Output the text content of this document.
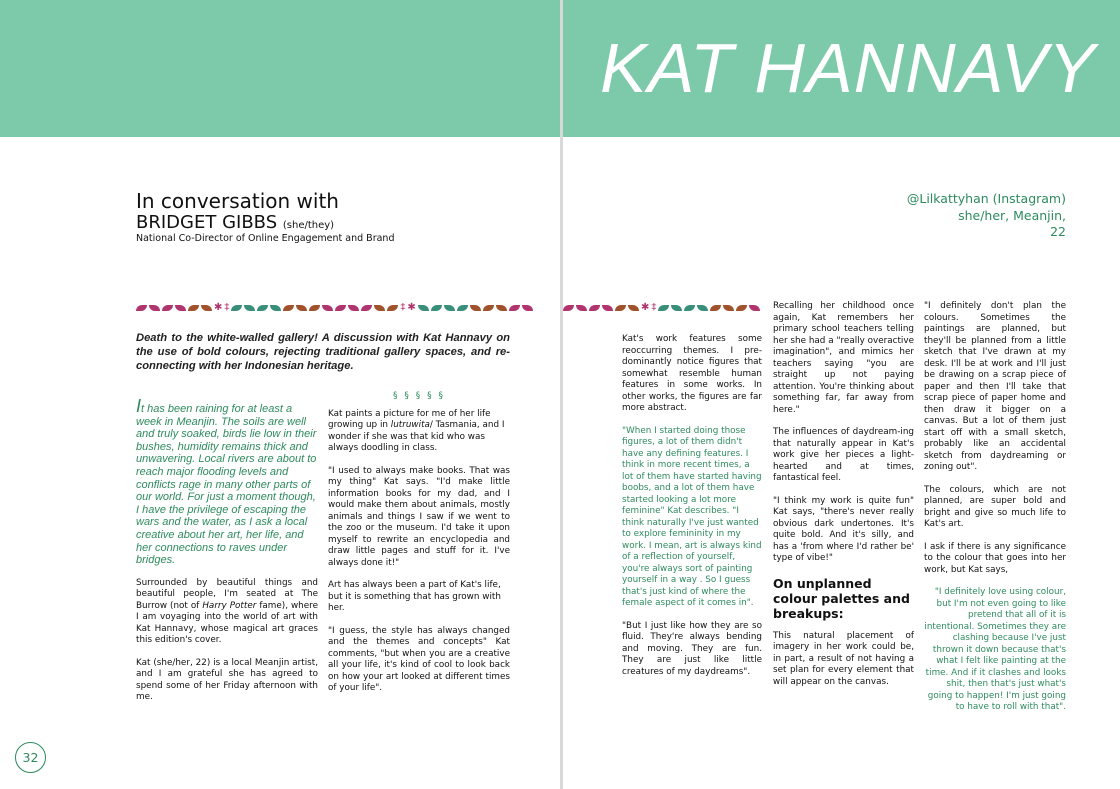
KAT HANNAVY
In conversation with
BRIDGET GIBBS (she/they)
National Co-Director of Online Engagement and Brand
@Lilkattyhan (Instagram)
she/her, Meanjin,
22
✱ ‡	‡ ✱	✱ ‡
Death to the white-walled gallery! A discussion with Kat Hannavy on the use of bold colours, rejecting traditional gallery spaces, and re-connecting with her Indonesian heritage.

It has been raining for at least a week in Meanjin. The soils are well and truly soaked, birds lie low in their bushes, humidity remains thick and unwavering. Local rivers are about to reach major flooding levels and conflicts rage in many other parts of our world. For just a moment though, I have the privilege of escaping the wars and the water, as I ask a local creative about her art, her life, and her connections to raves under bridges.

Surrounded by beautiful things and beautiful people, I'm seated at The Burrow (not of Harry Potter fame), where I am voyaging into the world of art with Kat Hannavy, whose magical art graces this edition's cover.

Kat (she/her, 22) is a local Meanjin artist, and I am grateful she has agreed to spend some of her Friday afternoon with me.

§ § § § §

Kat paints a picture for me of her life growing up in lutruwita/ Tasmania, and I wonder if she was that kid who was always doodling in class.

"I used to always make books. That was my thing" Kat says. "I'd make little information books for my dad, and I would make them about animals, mostly animals and things I saw if we went to the zoo or the museum. I'd take it upon myself to rewrite an encyclopedia and draw little pages and stuff for it. I've always done it!"

Art has always been a part of Kat's life, but it is something that has grown with her.

"I guess, the style has always changed and the themes and concepts" Kat comments, "but when you are a creative all your life, it's kind of cool to look back on how your art looked at different times of your life".

Kat's work features some reoccurring themes. I pre-dominantly notice figures that somewhat resemble human features in some works. In other works, the figures are far more abstract.

"When I started doing those figures, a lot of them didn't have any defining features. I think in more recent times, a lot of them have started having boobs, and a lot of them have started looking a lot more feminine" Kat describes. "I think naturally I've just wanted to explore femininity in my work. I mean, art is always kind of a reflection of yourself, you're always sort of painting yourself in a way . So I guess that's just kind of where the female aspect of it comes in".

"But I just like how they are so fluid. They're always bending and moving. They are fun. They are just like little creatures of my daydreams".

Recalling her childhood once again, Kat remembers her primary school teachers telling her she had a "really overactive imagination", and mimics her teachers saying "you are straight up not paying attention. You're thinking about something far, far away from here."

The influences of daydream-ing that naturally appear in Kat's work give her pieces a light-hearted and at times, fantastical feel.

"I think my work is quite fun" Kat says, "there's never really obvious dark undertones. It's quite bold. And it's silly, and has a 'from where I'd rather be' type of vibe!"

On unplanned colour palettes and breakups:

This natural placement of imagery in her work could be, in part, a result of not having a set plan for every element that will appear on the canvas.

"I definitely don't plan the colours. Sometimes the paintings are planned, but they'll be planned from a little sketch that I've drawn at my desk. I'll be at work and I'll just be drawing on a scrap piece of paper and then I'll take that scrap piece of paper home and then draw it bigger on a canvas. But a lot of them just start off with a small sketch, probably like an accidental sketch from daydreaming or zoning out".

The colours, which are not planned, are super bold and bright and give so much life to Kat's art.

I ask if there is any significance to the colour that goes into her work, but Kat says,

"I definitely love using colour, but I'm not even going to like pretend that all of it is intentional. Sometimes they are clashing because I've just thrown it down because that's what I felt like painting at the time. And if it clashes and looks shit, then that's just what's going to happen! I'm just going to have to roll with that".

32
